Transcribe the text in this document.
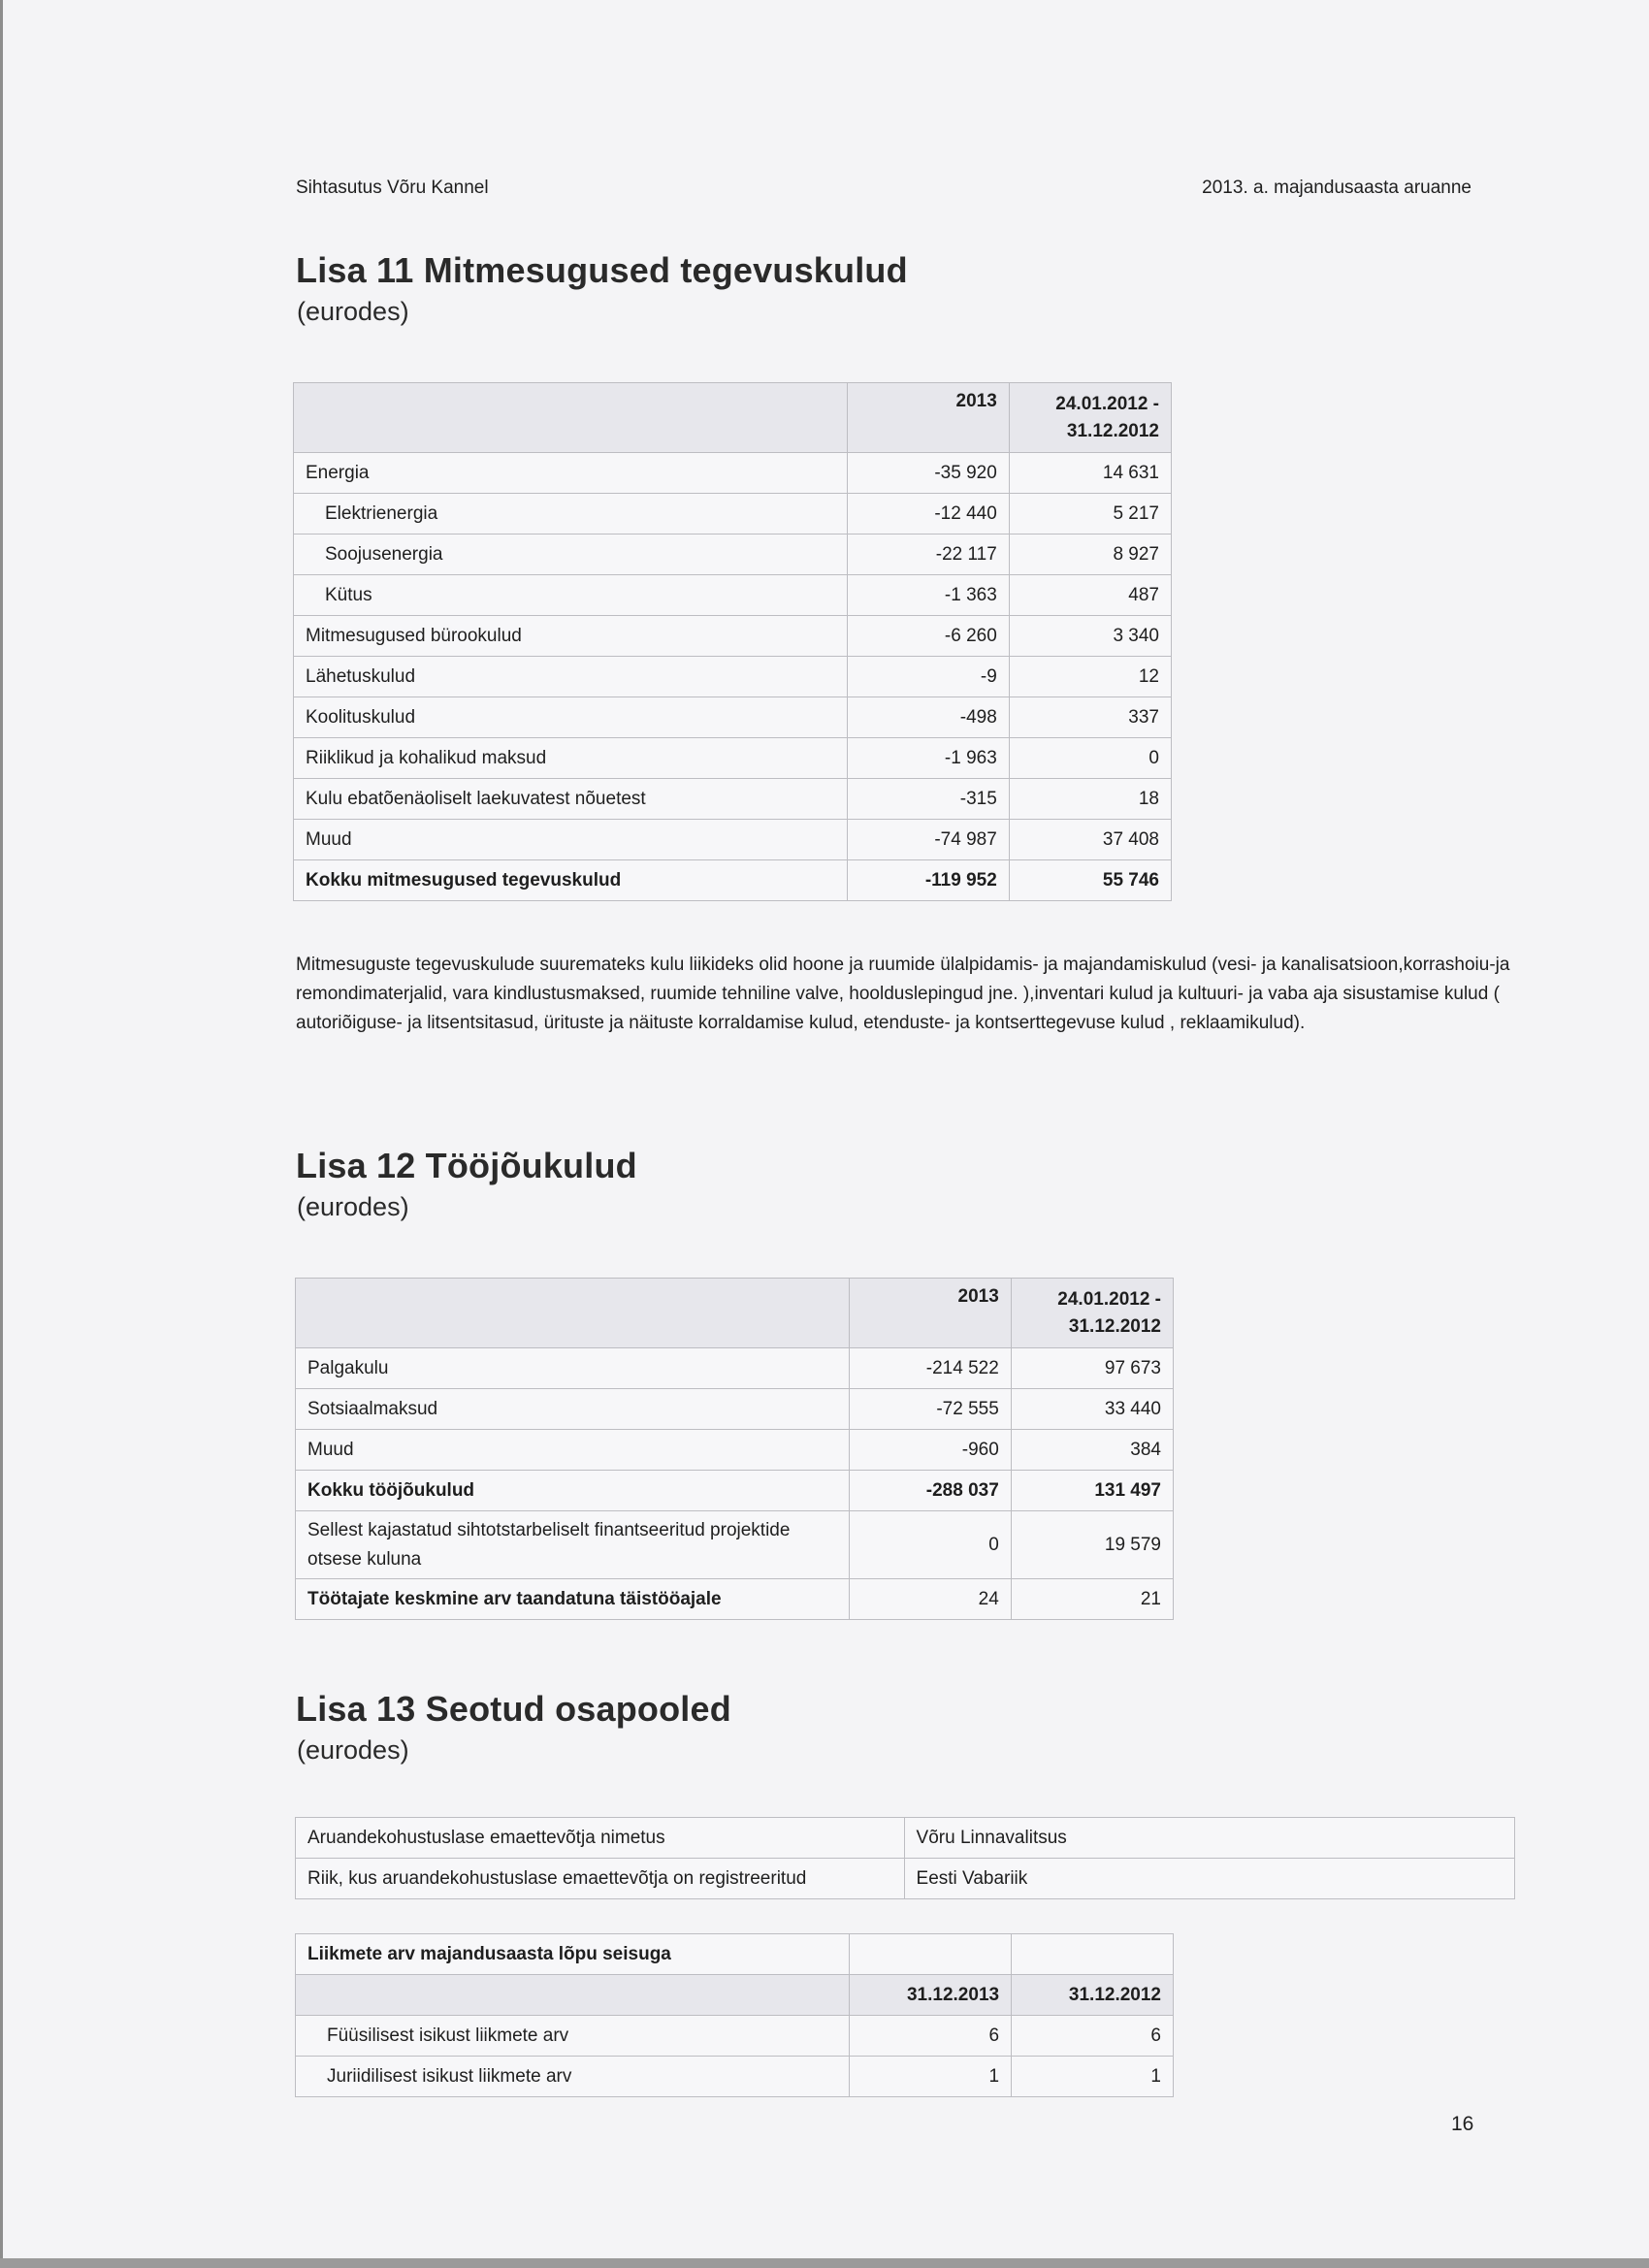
Sihtasutus Võru Kannel	2013. a. majandusaasta aruanne
Lisa 11 Mitmesugused tegevuskulud
(eurodes)
	2013	24.01.2012 -
31.12.2012
Energia	-35 920	14 631
Elektrienergia	-12 440	5 217
Soojusenergia	-22 117	8 927
Kütus	-1 363	487
Mitmesugused bürookulud	-6 260	3 340
Lähetuskulud	-9	12
Koolituskulud	-498	337
Riiklikud ja kohalikud maksud	-1 963	0
Kulu ebatõenäoliselt laekuvatest nõuetest	-315	18
Muud	-74 987	37 408
Kokku mitmesugused tegevuskulud	-119 952	55 746
Mitmesuguste tegevuskulude suuremateks kulu liikideks olid hoone ja ruumide ülalpidamis- ja majandamiskulud (vesi- ja kanalisatsioon,korrashoiu-ja remondimaterjalid, vara kindlustusmaksed, ruumide tehniline valve, hoolduslepingud jne. ),inventari kulud ja kultuuri- ja vaba aja sisustamise kulud ( autoriõiguse- ja litsentsitasud, ürituste ja näituste korraldamise kulud, etenduste- ja kontserttegevuse kulud , reklaamikulud).
Lisa 12 Tööjõukulud
(eurodes)
	2013	24.01.2012 -
31.12.2012
Palgakulu	-214 522	97 673
Sotsiaalmaksud	-72 555	33 440
Muud	-960	384
Kokku tööjõukulud	-288 037	131 497
Sellest kajastatud sihtotstarbeliselt finantseeritud projektide otsese kuluna	0	19 579
Töötajate keskmine arv taandatuna täistööajale	24	21
Lisa 13 Seotud osapooled
(eurodes)
Aruandekohustuslase emaettevõtja nimetus	Võru Linnavalitsus
Riik, kus aruandekohustuslase emaettevõtja on registreeritud	Eesti Vabariik
Liikmete arv majandusaasta lõpu seisuga		
	31.12.2013	31.12.2012
Füüsilisest isikust liikmete arv	6	6
Juriidilisest isikust liikmete arv	1	1
16
